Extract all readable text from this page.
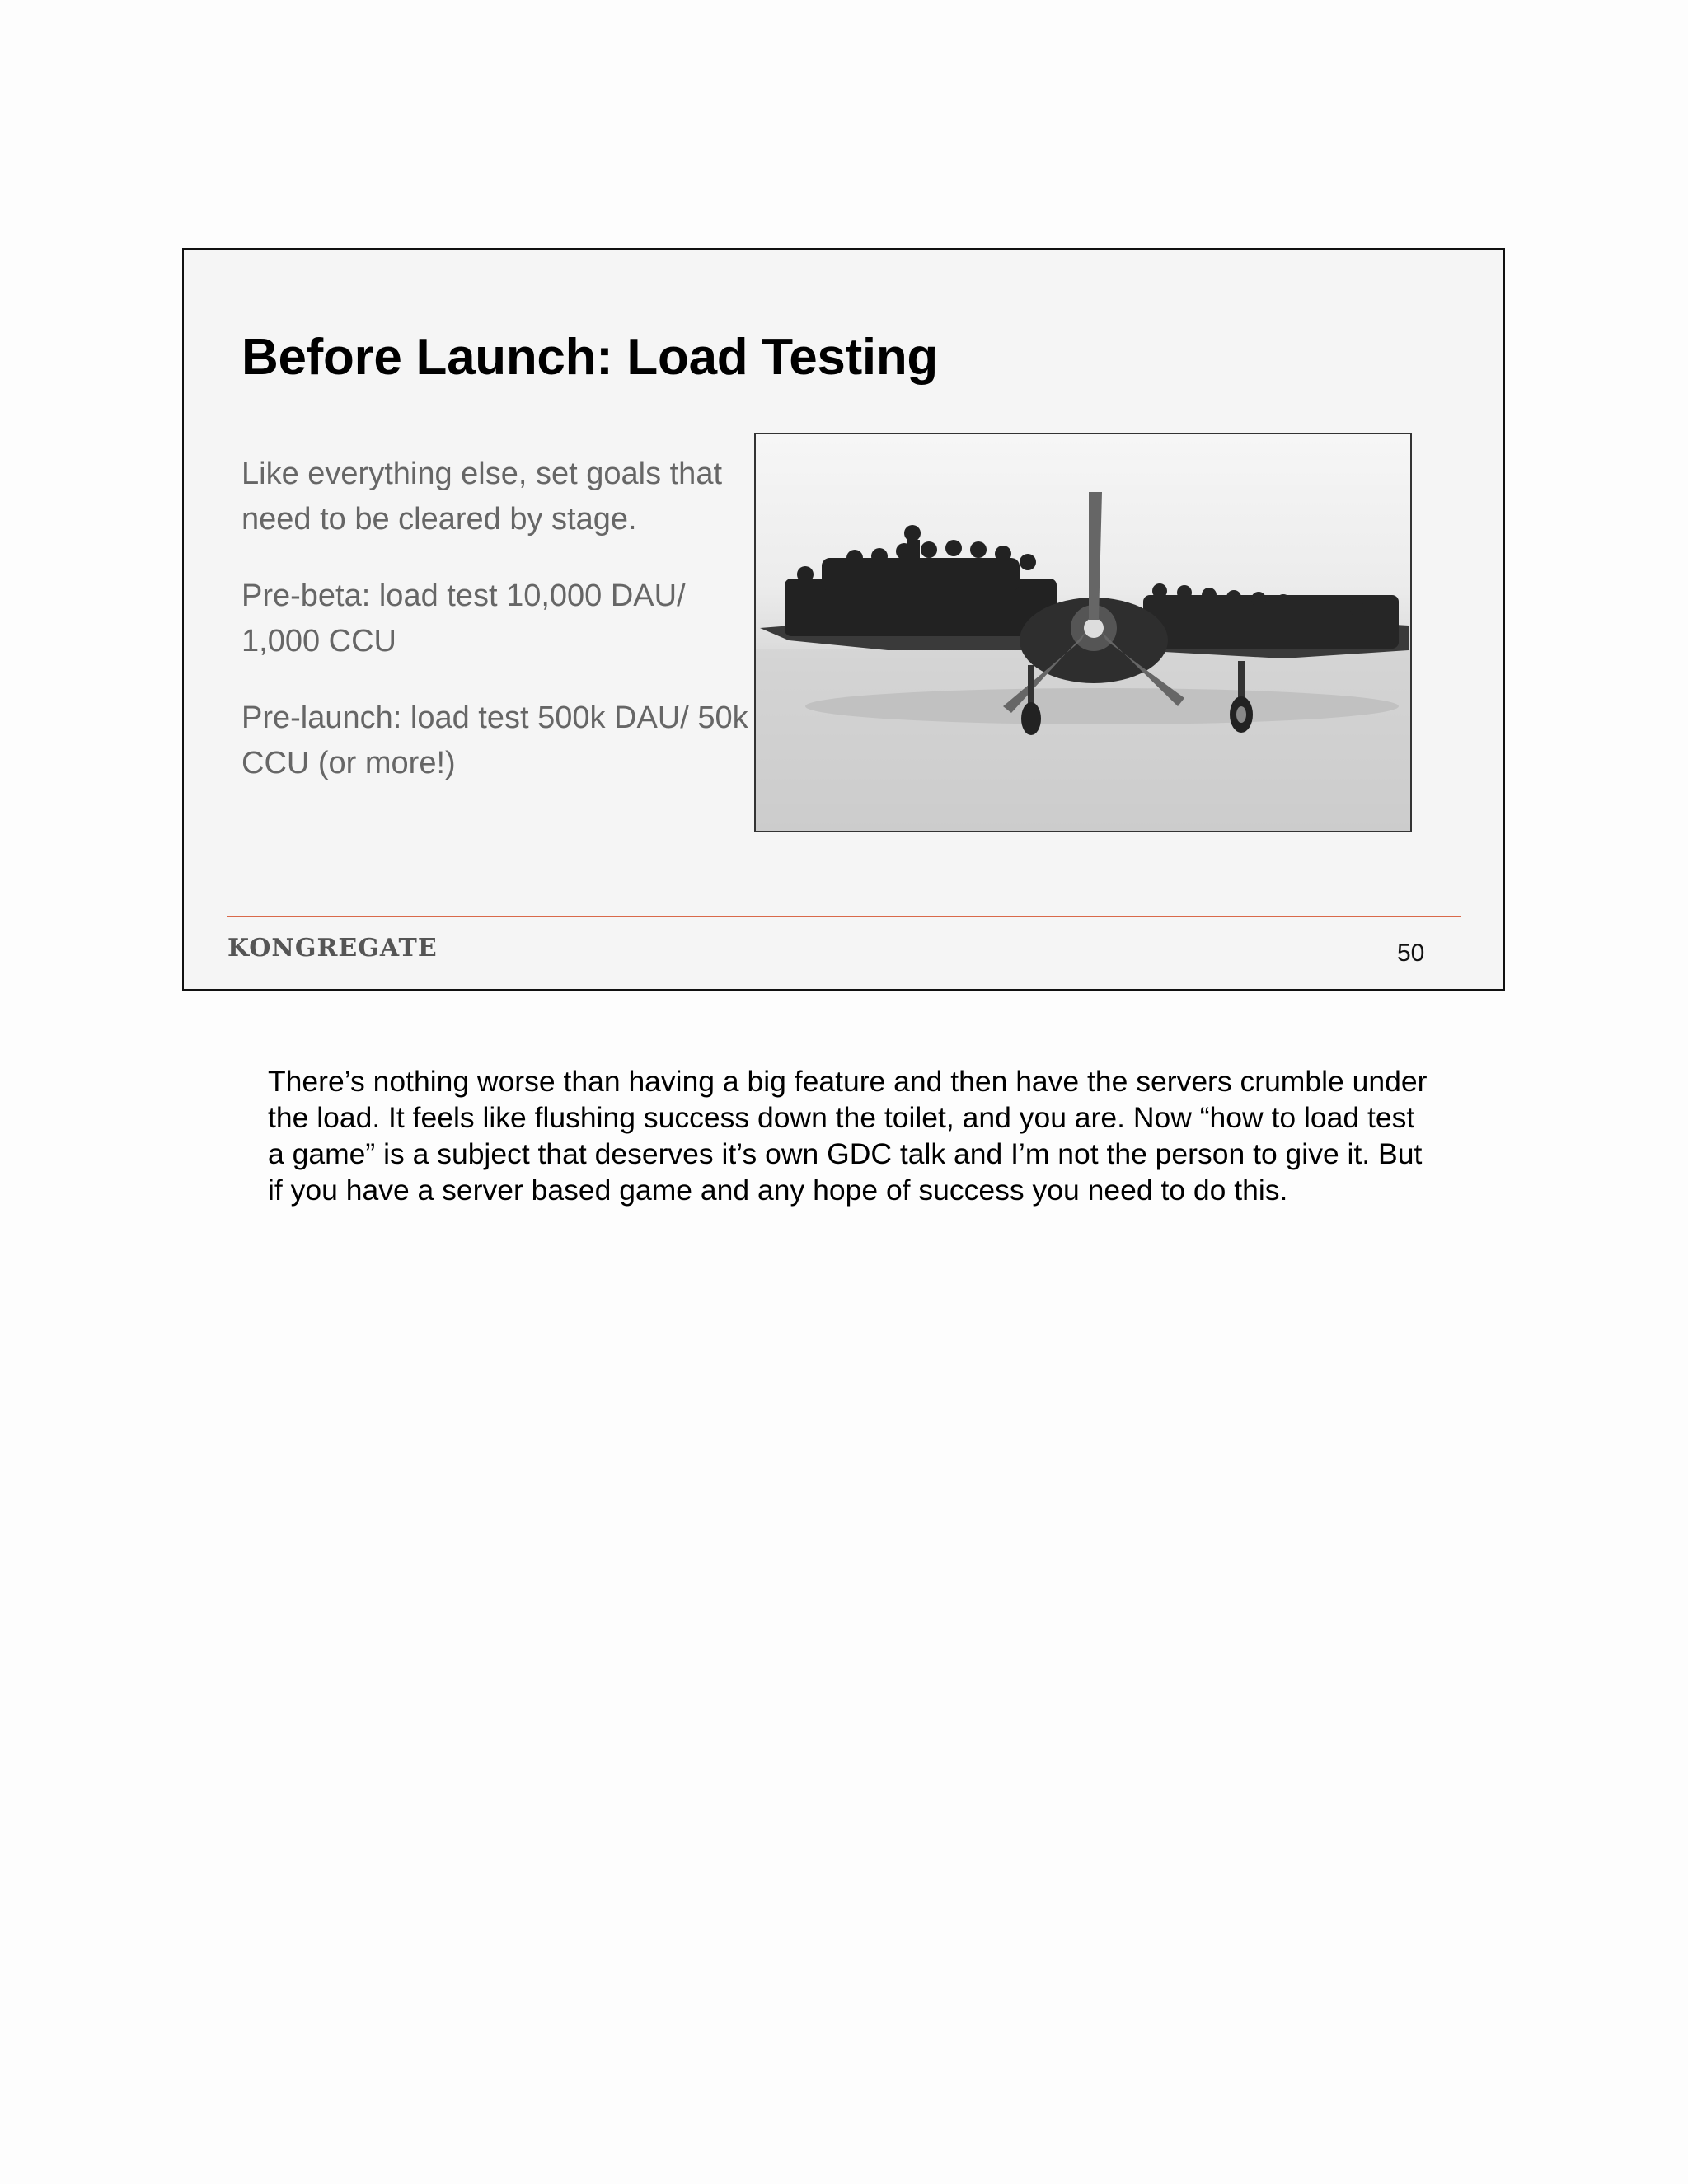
Before Launch: Load Testing

Like everything else, set goals that need to be cleared by stage.

Pre-beta: load test 10,000 DAU/ 1,000 CCU

Pre-launch: load test 500k DAU/ 50k CCU (or more!)

KONGREGATE	50

There’s nothing worse than having a big feature and then have the servers crumble under the load. It feels like flushing success down the toilet, and you are. Now “how to load test a game” is a subject that deserves it’s own GDC talk and I’m not the person to give it. But if you have a server based game and any hope of success you need to do this.
